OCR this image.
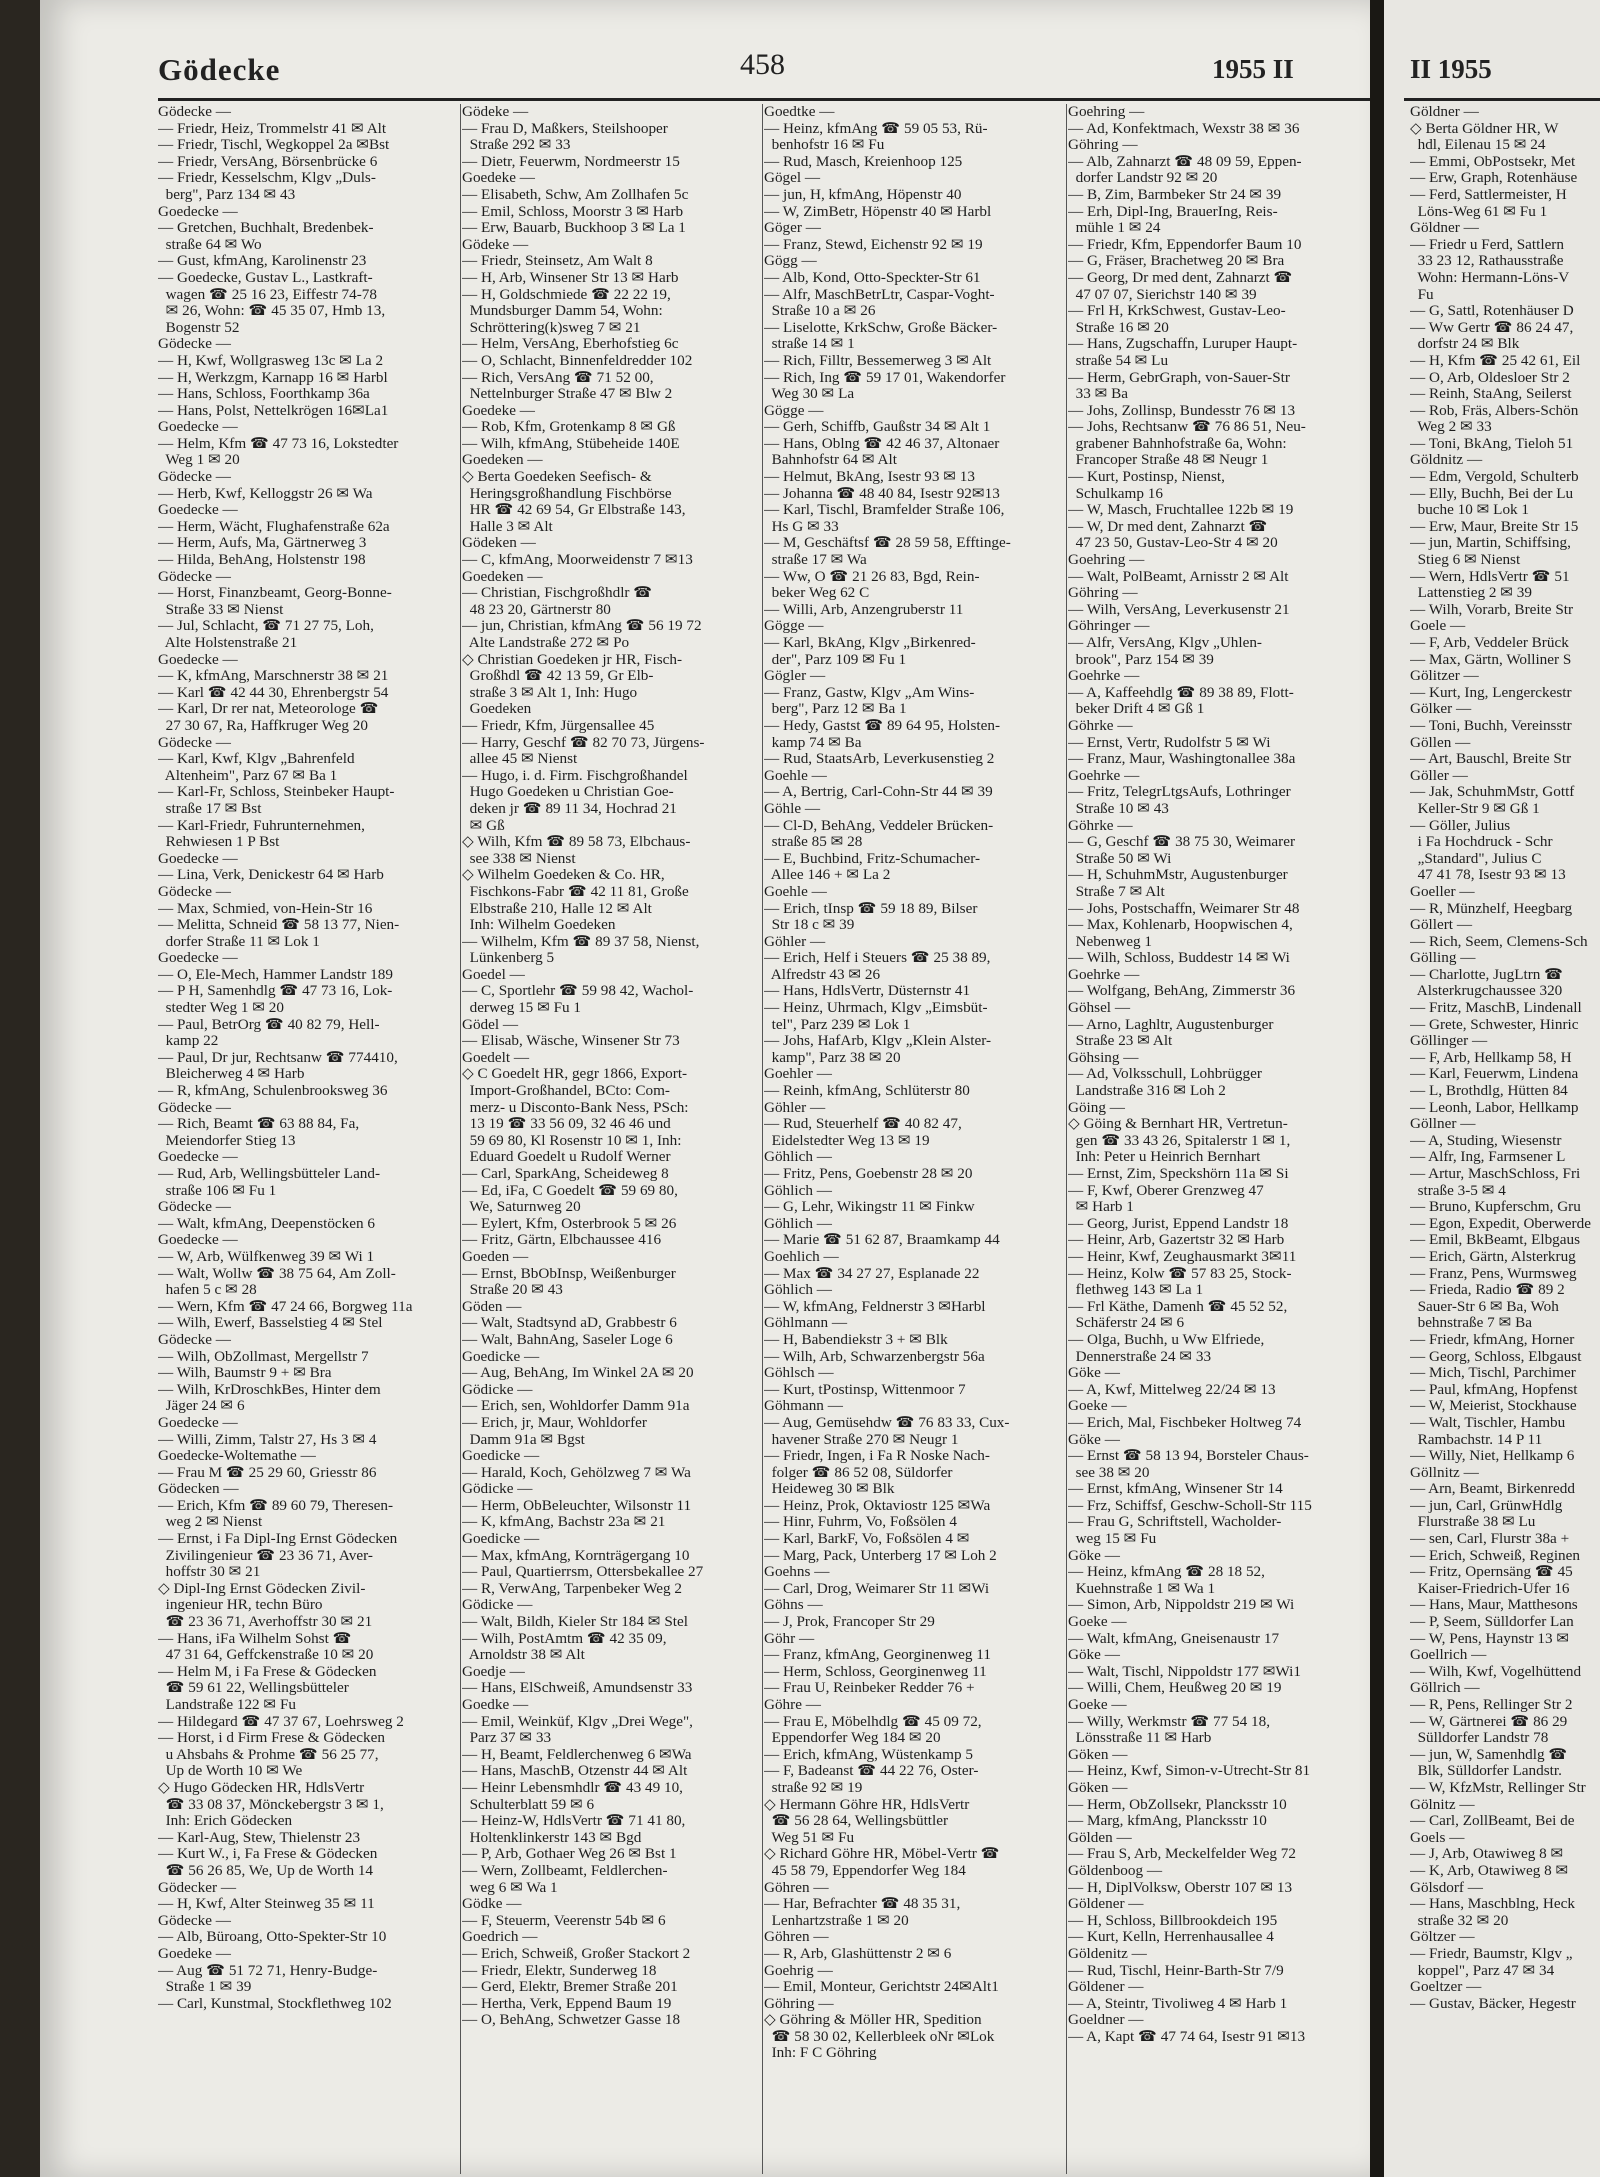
Gödecke	458	1955 II
Gödecke —
— Friedr, Heiz, Trommelstr 41 ✉ Alt
— Friedr, Tischl, Wegkoppel 2a ✉Bst
— Friedr, VersAng, Börsenbrücke 6
— Friedr, Kesselschm, Klgv „Duls-
berg", Parz 134 ✉ 43
Goedecke —
— Gretchen, Buchhalt, Bredenbek-
straße 64 ✉ Wo
— Gust, kfmAng, Karolinenstr 23
— Goedecke, Gustav L., Lastkraft-
wagen ☎ 25 16 23, Eiffestr 74-78
✉ 26, Wohn: ☎ 45 35 07, Hmb 13,
Bogenstr 52
Gödecke —
— H, Kwf, Wollgrasweg 13c ✉ La 2
— H, Werkzgm, Karnapp 16 ✉ Harbl
— Hans, Schloss, Foorthkamp 36a
— Hans, Polst, Nettelkrögen 16✉La1
Goedecke —
— Helm, Kfm ☎ 47 73 16, Lokstedter
Weg 1 ✉ 20
Gödecke —
— Herb, Kwf, Kelloggstr 26 ✉ Wa
Goedecke —
— Herm, Wächt, Flughafenstraße 62a
— Herm, Aufs, Ma, Gärtnerweg 3
— Hilda, BehAng, Holstenstr 198
Gödecke —
— Horst, Finanzbeamt, Georg-Bonne-
Straße 33 ✉ Nienst
— Jul, Schlacht, ☎ 71 27 75, Loh,
Alte Holstenstraße 21
Goedecke —
— K, kfmAng, Marschnerstr 38 ✉ 21
— Karl ☎ 42 44 30, Ehrenbergstr 54
— Karl, Dr rer nat, Meteorologe ☎
27 30 67, Ra, Haffkruger Weg 20
Gödecke —
— Karl, Kwf, Klgv „Bahrenfeld
Altenheim", Parz 67 ✉ Ba 1
— Karl-Fr, Schloss, Steinbeker Haupt-
straße 17 ✉ Bst
— Karl-Friedr, Fuhrunternehmen,
Rehwiesen 1 P Bst
Goedecke —
— Lina, Verk, Denickestr 64 ✉ Harb
Gödecke —
— Max, Schmied, von-Hein-Str 16
— Melitta, Schneid ☎ 58 13 77, Nien-
dorfer Straße 11 ✉ Lok 1
Goedecke —
— O, Ele-Mech, Hammer Landstr 189
— P H, Samenhdlg ☎ 47 73 16, Lok-
stedter Weg 1 ✉ 20
— Paul, BetrOrg ☎ 40 82 79, Hell-
kamp 22
— Paul, Dr jur, Rechtsanw ☎ 774410,
Bleicherweg 4 ✉ Harb
— R, kfmAng, Schulenbrooksweg 36
Gödecke —
— Rich, Beamt ☎ 63 88 84, Fa,
Meiendorfer Stieg 13
Goedecke —
— Rud, Arb, Wellingsbütteler Land-
straße 106 ✉ Fu 1
Gödecke —
— Walt, kfmAng, Deepenstöcken 6
Goedecke —
— W, Arb, Wülfkenweg 39 ✉ Wi 1
— Walt, Wollw ☎ 38 75 64, Am Zoll-
hafen 5 c ✉ 28
— Wern, Kfm ☎ 47 24 66, Borgweg 11a
— Wilh, Ewerf, Basselstieg 4 ✉ Stel
Gödecke —
— Wilh, ObZollmast, Mergellstr 7
— Wilh, Baumstr 9 + ✉ Bra
— Wilh, KrDroschkBes, Hinter dem
Jäger 24 ✉ 6
Goedecke —
— Willi, Zimm, Talstr 27, Hs 3 ✉ 4
Goedecke-Woltemathe —
— Frau M ☎ 25 29 60, Griesstr 86
Gödecken —
— Erich, Kfm ☎ 89 60 79, Theresen-
weg 2 ✉ Nienst
— Ernst, i Fa Dipl-Ing Ernst Gödecken
Zivilingenieur ☎ 23 36 71, Aver-
hoffstr 30 ✉ 21
◇ Dipl-Ing Ernst Gödecken Zivil-
ingenieur HR, techn Büro
☎ 23 36 71, Averhoffstr 30 ✉ 21
— Hans, iFa Wilhelm Sohst ☎
47 31 64, Geffckenstraße 10 ✉ 20
— Helm M, i Fa Frese & Gödecken
☎ 59 61 22, Wellingsbütteler
Landstraße 122 ✉ Fu
— Hildegard ☎ 47 37 67, Loehrsweg 2
— Horst, i d Firm Frese & Gödecken
u Ahsbahs & Prohme ☎ 56 25 77,
Up de Worth 10 ✉ We
◇ Hugo Gödecken HR, HdlsVertr
☎ 33 08 37, Mönckebergstr 3 ✉ 1,
Inh: Erich Gödecken
— Karl-Aug, Stew, Thielenstr 23
— Kurt W., i, Fa Frese & Gödecken
☎ 56 26 85, We, Up de Worth 14
Gödecker —
— H, Kwf, Alter Steinweg 35 ✉ 11
Gödecke —
— Alb, Büroang, Otto-Spekter-Str 10
Goedeke —
— Aug ☎ 51 72 71, Henry-Budge-
Straße 1 ✉ 39
— Carl, Kunstmal, Stockflethweg 102
Gödeke —
— Frau D, Maßkers, Steilshooper
Straße 292 ✉ 33
— Dietr, Feuerwm, Nordmeerstr 15
Goedeke —
— Elisabeth, Schw, Am Zollhafen 5c
— Emil, Schloss, Moorstr 3 ✉ Harb
— Erw, Bauarb, Buckhoop 3 ✉ La 1
Gödeke —
— Friedr, Steinsetz, Am Walt 8
— H, Arb, Winsener Str 13 ✉ Harb
— H, Goldschmiede ☎ 22 22 19,
Mundsburger Damm 54, Wohn:
Schröttering(k)sweg 7 ✉ 21
— Helm, VersAng, Eberhofstieg 6c
— O, Schlacht, Binnenfeldredder 102
— Rich, VersAng ☎ 71 52 00,
Nettelnburger Straße 47 ✉ Blw 2
Goedeke —
— Rob, Kfm, Grotenkamp 8 ✉ Gß
— Wilh, kfmAng, Stübeheide 140E
Goedeken —
◇ Berta Goedeken Seefisch- &
Heringsgroßhandlung Fischbörse
HR ☎ 42 69 54, Gr Elbstraße 143,
Halle 3 ✉ Alt
Gödeken —
— C, kfmAng, Moorweidenstr 7 ✉13
Goedeken —
— Christian, Fischgroßhdlr ☎
48 23 20, Gärtnerstr 80
— jun, Christian, kfmAng ☎ 56 19 72
Alte Landstraße 272 ✉ Po
◇ Christian Goedeken jr HR, Fisch-
Großhdl ☎ 42 13 59, Gr Elb-
straße 3 ✉ Alt 1, Inh: Hugo
Goedeken
— Friedr, Kfm, Jürgensallee 45
— Harry, Geschf ☎ 82 70 73, Jürgens-
allee 45 ✉ Nienst
— Hugo, i. d. Firm. Fischgroßhandel
Hugo Goedeken u Christian Goe-
deken jr ☎ 89 11 34, Hochrad 21
✉ Gß
◇ Wilh, Kfm ☎ 89 58 73, Elbchaus-
see 338 ✉ Nienst
◇ Wilhelm Goedeken & Co. HR,
Fischkons-Fabr ☎ 42 11 81, Große
Elbstraße 210, Halle 12 ✉ Alt
Inh: Wilhelm Goedeken
— Wilhelm, Kfm ☎ 89 37 58, Nienst,
Lünkenberg 5
Goedel —
— C, Sportlehr ☎ 59 98 42, Wachol-
derweg 15 ✉ Fu 1
Gödel —
— Elisab, Wäsche, Winsener Str 73
Goedelt —
◇ C Goedelt HR, gegr 1866, Export-
Import-Großhandel, BCto: Com-
merz- u Disconto-Bank Ness, PSch:
13 19 ☎ 33 56 09, 32 46 46 und
59 69 80, Kl Rosenstr 10 ✉ 1, Inh:
Eduard Goedelt u Rudolf Werner
— Carl, SparkAng, Scheideweg 8
— Ed, iFa, C Goedelt ☎ 59 69 80,
We, Saturnweg 20
— Eylert, Kfm, Osterbrook 5 ✉ 26
— Fritz, Gärtn, Elbchaussee 416
Goeden —
— Ernst, BbObInsp, Weißenburger
Straße 20 ✉ 43
Göden —
— Walt, Stadtsynd aD, Grabbestr 6
— Walt, BahnAng, Saseler Loge 6
Goedicke —
— Aug, BehAng, Im Winkel 2A ✉ 20
Gödicke —
— Erich, sen, Wohldorfer Damm 91a
— Erich, jr, Maur, Wohldorfer
Damm 91a ✉ Bgst
Goedicke —
— Harald, Koch, Gehölzweg 7 ✉ Wa
Gödicke —
— Herm, ObBeleuchter, Wilsonstr 11
— K, kfmAng, Bachstr 23a ✉ 21
Goedicke —
— Max, kfmAng, Kornträgergang 10
— Paul, Quartierrsm, Ottersbekallee 27
— R, VerwAng, Tarpenbeker Weg 2
Gödicke —
— Walt, Bildh, Kieler Str 184 ✉ Stel
— Wilh, PostAmtm ☎ 42 35 09,
Arnoldstr 38 ✉ Alt
Goedje —
— Hans, ElSchweiß, Amundsenstr 33
Goedke —
— Emil, Weinküf, Klgv „Drei Wege",
Parz 37 ✉ 33
— H, Beamt, Feldlerchenweg 6 ✉Wa
— Hans, MaschB, Otzenstr 44 ✉ Alt
— Heinr Lebensmhdlr ☎ 43 49 10,
Schulterblatt 59 ✉ 6
— Heinz-W, HdlsVertr ☎ 71 41 80,
Holtenklinkerstr 143 ✉ Bgd
— P, Arb, Gothaer Weg 26 ✉ Bst 1
— Wern, Zollbeamt, Feldlerchen-
weg 6 ✉ Wa 1
Gödke —
— F, Steuerm, Veerenstr 54b ✉ 6
Goedrich —
— Erich, Schweiß, Großer Stackort 2
— Friedr, Elektr, Sunderweg 18
— Gerd, Elektr, Bremer Straße 201
— Hertha, Verk, Eppend Baum 19
— O, BehAng, Schwetzer Gasse 18
Goedtke —
— Heinz, kfmAng ☎ 59 05 53, Rü-
benhofstr 16 ✉ Fu
— Rud, Masch, Kreienhoop 125
Gögel —
— jun, H, kfmAng, Höpenstr 40
— W, ZimBetr, Höpenstr 40 ✉ Harbl
Göger —
— Franz, Stewd, Eichenstr 92 ✉ 19
Gögg —
— Alb, Kond, Otto-Speckter-Str 61
— Alfr, MaschBetrLtr, Caspar-Voght-
Straße 10 a ✉ 26
— Liselotte, KrkSchw, Große Bäcker-
straße 14 ✉ 1
— Rich, Filltr, Bessemerweg 3 ✉ Alt
— Rich, Ing ☎ 59 17 01, Wakendorfer
Weg 30 ✉ La
Gögge —
— Gerh, Schiffb, Gaußstr 34 ✉ Alt 1
— Hans, Oblng ☎ 42 46 37, Altonaer
Bahnhofstr 64 ✉ Alt
— Helmut, BkAng, Isestr 93 ✉ 13
— Johanna ☎ 48 40 84, Isestr 92✉13
— Karl, Tischl, Bramfelder Straße 106,
Hs G ✉ 33
— M, Geschäftsf ☎ 28 59 58, Efftinge-
straße 17 ✉ Wa
— Ww, O ☎ 21 26 83, Bgd, Rein-
beker Weg 62 C
— Willi, Arb, Anzengruberstr 11
Gögge —
— Karl, BkAng, Klgv „Birkenred-
der", Parz 109 ✉ Fu 1
Gögler —
— Franz, Gastw, Klgv „Am Wins-
berg", Parz 12 ✉ Ba 1
— Hedy, Gastst ☎ 89 64 95, Holsten-
kamp 74 ✉ Ba
— Rud, StaatsArb, Leverkusenstieg 2
Goehle —
— A, Bertrig, Carl-Cohn-Str 44 ✉ 39
Göhle —
— Cl-D, BehAng, Veddeler Brücken-
straße 85 ✉ 28
— E, Buchbind, Fritz-Schumacher-
Allee 146 + ✉ La 2
Goehle —
— Erich, tInsp ☎ 59 18 89, Bilser
Str 18 c ✉ 39
Göhler —
— Erich, Helf i Steuers ☎ 25 38 89,
Alfredstr 43 ✉ 26
— Hans, HdlsVertr, Düsternstr 41
— Heinz, Uhrmach, Klgv „Eimsbüt-
tel", Parz 239 ✉ Lok 1
— Johs, HafArb, Klgv „Klein Alster-
kamp", Parz 38 ✉ 20
Goehler —
— Reinh, kfmAng, Schlüterstr 80
Göhler —
— Rud, Steuerhelf ☎ 40 82 47,
Eidelstedter Weg 13 ✉ 19
Göhlich —
— Fritz, Pens, Goebenstr 28 ✉ 20
Göhlich —
— G, Lehr, Wikingstr 11 ✉ Finkw
Göhlich —
— Marie ☎ 51 62 87, Braamkamp 44
Goehlich —
— Max ☎ 34 27 27, Esplanade 22
Göhlich —
— W, kfmAng, Feldnerstr 3 ✉Harbl
Göhlmann —
— H, Babendiekstr 3 + ✉ Blk
— Wilh, Arb, Schwarzenbergstr 56a
Göhlsch —
— Kurt, tPostinsp, Wittenmoor 7
Göhmann —
— Aug, Gemüsehdw ☎ 76 83 33, Cux-
havener Straße 270 ✉ Neugr 1
— Friedr, Ingen, i Fa R Noske Nach-
folger ☎ 86 52 08, Süldorfer
Heideweg 30 ✉ Blk
— Heinz, Prok, Oktaviostr 125 ✉Wa
— Hinr, Fuhrm, Vo, Foßsölen 4
— Karl, BarkF, Vo, Foßsölen 4 ✉
— Marg, Pack, Unterberg 17 ✉ Loh 2
Goehns —
— Carl, Drog, Weimarer Str 11 ✉Wi
Göhns —
— J, Prok, Francoper Str 29
Göhr —
— Franz, kfmAng, Georginenweg 11
— Herm, Schloss, Georginenweg 11
— Frau U, Reinbeker Redder 76 +
Göhre —
— Frau E, Möbelhdlg ☎ 45 09 72,
Eppendorfer Weg 184 ✉ 20
— Erich, kfmAng, Wüstenkamp 5
— F, Badeanst ☎ 44 22 76, Oster-
straße 92 ✉ 19
◇ Hermann Göhre HR, HdlsVertr
☎ 56 28 64, Wellingsbüttler
Weg 51 ✉ Fu
◇ Richard Göhre HR, Möbel-Vertr ☎
45 58 79, Eppendorfer Weg 184
Göhren —
— Har, Befrachter ☎ 48 35 31,
Lenhartzstraße 1 ✉ 20
Göhren —
— R, Arb, Glashüttenstr 2 ✉ 6
Goehrig —
— Emil, Monteur, Gerichtstr 24✉Alt1
Göhring —
◇ Göhring & Möller HR, Spedition
☎ 58 30 02, Kellerbleek oNr ✉Lok
Inh: F C Göhring
Goehring —
— Ad, Konfektmach, Wexstr 38 ✉ 36
Göhring —
— Alb, Zahnarzt ☎ 48 09 59, Eppen-
dorfer Landstr 92 ✉ 20
— B, Zim, Barmbeker Str 24 ✉ 39
— Erh, Dipl-Ing, BrauerIng, Reis-
mühle 1 ✉ 24
— Friedr, Kfm, Eppendorfer Baum 10
— G, Fräser, Brachetweg 20 ✉ Bra
— Georg, Dr med dent, Zahnarzt ☎
47 07 07, Sierichstr 140 ✉ 39
— Frl H, KrkSchwest, Gustav-Leo-
Straße 16 ✉ 20
— Hans, Zugschaffn, Luruper Haupt-
straße 54 ✉ Lu
— Herm, GebrGraph, von-Sauer-Str
33 ✉ Ba
— Johs, Zollinsp, Bundesstr 76 ✉ 13
— Johs, Rechtsanw ☎ 76 86 51, Neu-
grabener Bahnhofstraße 6a, Wohn:
Francoper Straße 48 ✉ Neugr 1
— Kurt, Postinsp, Nienst,
Schulkamp 16
— W, Masch, Fruchtallee 122b ✉ 19
— W, Dr med dent, Zahnarzt ☎
47 23 50, Gustav-Leo-Str 4 ✉ 20
Goehring —
— Walt, PolBeamt, Arnisstr 2 ✉ Alt
Göhring —
— Wilh, VersAng, Leverkusenstr 21
Göhringer —
— Alfr, VersAng, Klgv „Uhlen-
brook", Parz 154 ✉ 39
Goehrke —
— A, Kaffeehdlg ☎ 89 38 89, Flott-
beker Drift 4 ✉ Gß 1
Göhrke —
— Ernst, Vertr, Rudolfstr 5 ✉ Wi
— Franz, Maur, Washingtonallee 38a
Goehrke —
— Fritz, TelegrLtgsAufs, Lothringer
Straße 10 ✉ 43
Göhrke —
— G, Geschf ☎ 38 75 30, Weimarer
Straße 50 ✉ Wi
— H, SchuhmMstr, Augustenburger
Straße 7 ✉ Alt
— Johs, Postschaffn, Weimarer Str 48
— Max, Kohlenarb, Hoopwischen 4,
Nebenweg 1
— Wilh, Schloss, Buddestr 14 ✉ Wi
Goehrke —
— Wolfgang, BehAng, Zimmerstr 36
Göhsel —
— Arno, Laghltr, Augustenburger
Straße 23 ✉ Alt
Göhsing —
— Ad, Volksschull, Lohbrügger
Landstraße 316 ✉ Loh 2
Göing —
◇ Göing & Bernhart HR, Vertretun-
gen ☎ 33 43 26, Spitalerstr 1 ✉ 1,
Inh: Peter u Heinrich Bernhart
— Ernst, Zim, Speckshörn 11a ✉ Si
— F, Kwf, Oberer Grenzweg 47
✉ Harb 1
— Georg, Jurist, Eppend Landstr 18
— Heinr, Arb, Gazertstr 32 ✉ Harb
— Heinr, Kwf, Zeughausmarkt 3✉11
— Heinz, Kolw ☎ 57 83 25, Stock-
flethweg 143 ✉ La 1
— Frl Käthe, Damenh ☎ 45 52 52,
Schäferstr 24 ✉ 6
— Olga, Buchh, u Ww Elfriede,
Dennerstraße 24 ✉ 33
Göke —
— A, Kwf, Mittelweg 22/24 ✉ 13
Goeke —
— Erich, Mal, Fischbeker Holtweg 74
Göke —
— Ernst ☎ 58 13 94, Borsteler Chaus-
see 38 ✉ 20
— Ernst, kfmAng, Winsener Str 14
— Frz, Schiffsf, Geschw-Scholl-Str 115
— Frau G, Schriftstell, Wacholder-
weg 15 ✉ Fu
Göke —
— Heinz, kfmAng ☎ 28 18 52,
Kuehnstraße 1 ✉ Wa 1
— Simon, Arb, Nippoldstr 219 ✉ Wi
Goeke —
— Walt, kfmAng, Gneisenaustr 17
Göke —
— Walt, Tischl, Nippoldstr 177 ✉Wi1
— Willi, Chem, Heußweg 20 ✉ 19
Goeke —
— Willy, Werkmstr ☎ 77 54 18,
Lönsstraße 11 ✉ Harb
Göken —
— Heinz, Kwf, Simon-v-Utrecht-Str 81
Göken —
— Herm, ObZollsekr, Plancksstr 10
— Marg, kfmAng, Plancksstr 10
Gölden —
— Frau S, Arb, Meckelfelder Weg 72
Göldenboog —
— H, DiplVolksw, Oberstr 107 ✉ 13
Göldener —
— H, Schloss, Billbrookdeich 195
— Kurt, Kelln, Herrenhausallee 4
Göldenitz —
— Rud, Tischl, Heinr-Barth-Str 7/9
Göldener —
— A, Steintr, Tivoliweg 4 ✉ Harb 1
Goeldner —
— A, Kapt ☎ 47 74 64, Isestr 91 ✉13
II 1955
Göldner —
◇ Berta Göldner HR, W
hdl, Eilenau 15 ✉ 24
— Emmi, ObPostsekr, Met
— Erw, Graph, Rotenhäuse
— Ferd, Sattlermeister, H
Löns-Weg 61 ✉ Fu 1
Göldner —
— Friedr u Ferd, Sattlern
33 23 12, Rathausstraße
Wohn: Hermann-Löns-V
Fu
— G, Sattl, Rotenhäuser D
— Ww Gertr ☎ 86 24 47,
dorfstr 24 ✉ Blk
— H, Kfm ☎ 25 42 61, Eil
— O, Arb, Oldesloer Str 2
— Reinh, StaAng, Seilerst
— Rob, Fräs, Albers-Schön
Weg 2 ✉ 33
— Toni, BkAng, Tieloh 51
Göldnitz —
— Edm, Vergold, Schulterb
— Elly, Buchh, Bei der Lu
buche 10 ✉ Lok 1
— Erw, Maur, Breite Str 15
— jun, Martin, Schiffsing,
Stieg 6 ✉ Nienst
— Wern, HdlsVertr ☎ 51
Lattenstieg 2 ✉ 39
— Wilh, Vorarb, Breite Str
Goele —
— F, Arb, Veddeler Brück
— Max, Gärtn, Wolliner S
Gölitzer —
— Kurt, Ing, Lengerckestr
Gölker —
— Toni, Buchh, Vereinsstr
Göllen —
— Art, Bauschl, Breite Str
Göller —
— Jak, SchuhmMstr, Gottf
Keller-Str 9 ✉ Gß 1
— Göller, Julius
i Fa Hochdruck - Schr
„Standard", Julius C
47 41 78, Isestr 93 ✉ 13
Goeller —
— R, Münzhelf, Heegbarg
Göllert —
— Rich, Seem, Clemens-Sch
Gölling —
— Charlotte, JugLtrn ☎
Alsterkrugchaussee 320
— Fritz, MaschB, Lindenall
— Grete, Schwester, Hinric
Göllinger —
— F, Arb, Hellkamp 58, H
— Karl, Feuerwm, Lindena
— L, Brothdlg, Hütten 84
— Leonh, Labor, Hellkamp
Göllner —
— A, Studing, Wiesenstr
— Alfr, Ing, Farmsener L
— Artur, MaschSchloss, Fri
straße 3-5 ✉ 4
— Bruno, Kupferschm, Gru
— Egon, Expedit, Oberwerde
— Emil, BkBeamt, Elbgaus
— Erich, Gärtn, Alsterkrug
— Franz, Pens, Wurmsweg
— Frieda, Radio ☎ 89 2
Sauer-Str 6 ✉ Ba, Woh
behnstraße 7 ✉ Ba
— Friedr, kfmAng, Horner
— Georg, Schloss, Elbgaust
— Mich, Tischl, Parchimer
— Paul, kfmAng, Hopfenst
— W, Meierist, Stockhause
— Walt, Tischler, Hambu
Rambachstr. 14 P 11
— Willy, Niet, Hellkamp 6
Göllnitz —
— Arn, Beamt, Birkenredd
— jun, Carl, GrünwHdlg
Flurstraße 38 ✉ Lu
— sen, Carl, Flurstr 38a +
— Erich, Schweiß, Reginen
— Fritz, Opernsäng ☎ 45
Kaiser-Friedrich-Ufer 16
— Hans, Maur, Matthesons
— P, Seem, Sülldorfer Lan
— W, Pens, Haynstr 13 ✉
Goellrich —
— Wilh, Kwf, Vogelhüttend
Göllrich —
— R, Pens, Rellinger Str 2
— W, Gärtnerei ☎ 86 29
Sülldorfer Landstr 78
— jun, W, Samenhdlg ☎
Blk, Sülldorfer Landstr.
— W, KfzMstr, Rellinger Str
Gölnitz —
— Carl, ZollBeamt, Bei de
Goels —
— J, Arb, Otawiweg 8 ✉
— K, Arb, Otawiweg 8 ✉
Gölsdorf —
— Hans, Maschblng, Heck
straße 32 ✉ 20
Göltzer —
— Friedr, Baumstr, Klgv „
koppel", Parz 47 ✉ 34
Goeltzer —
— Gustav, Bäcker, Hegestr
